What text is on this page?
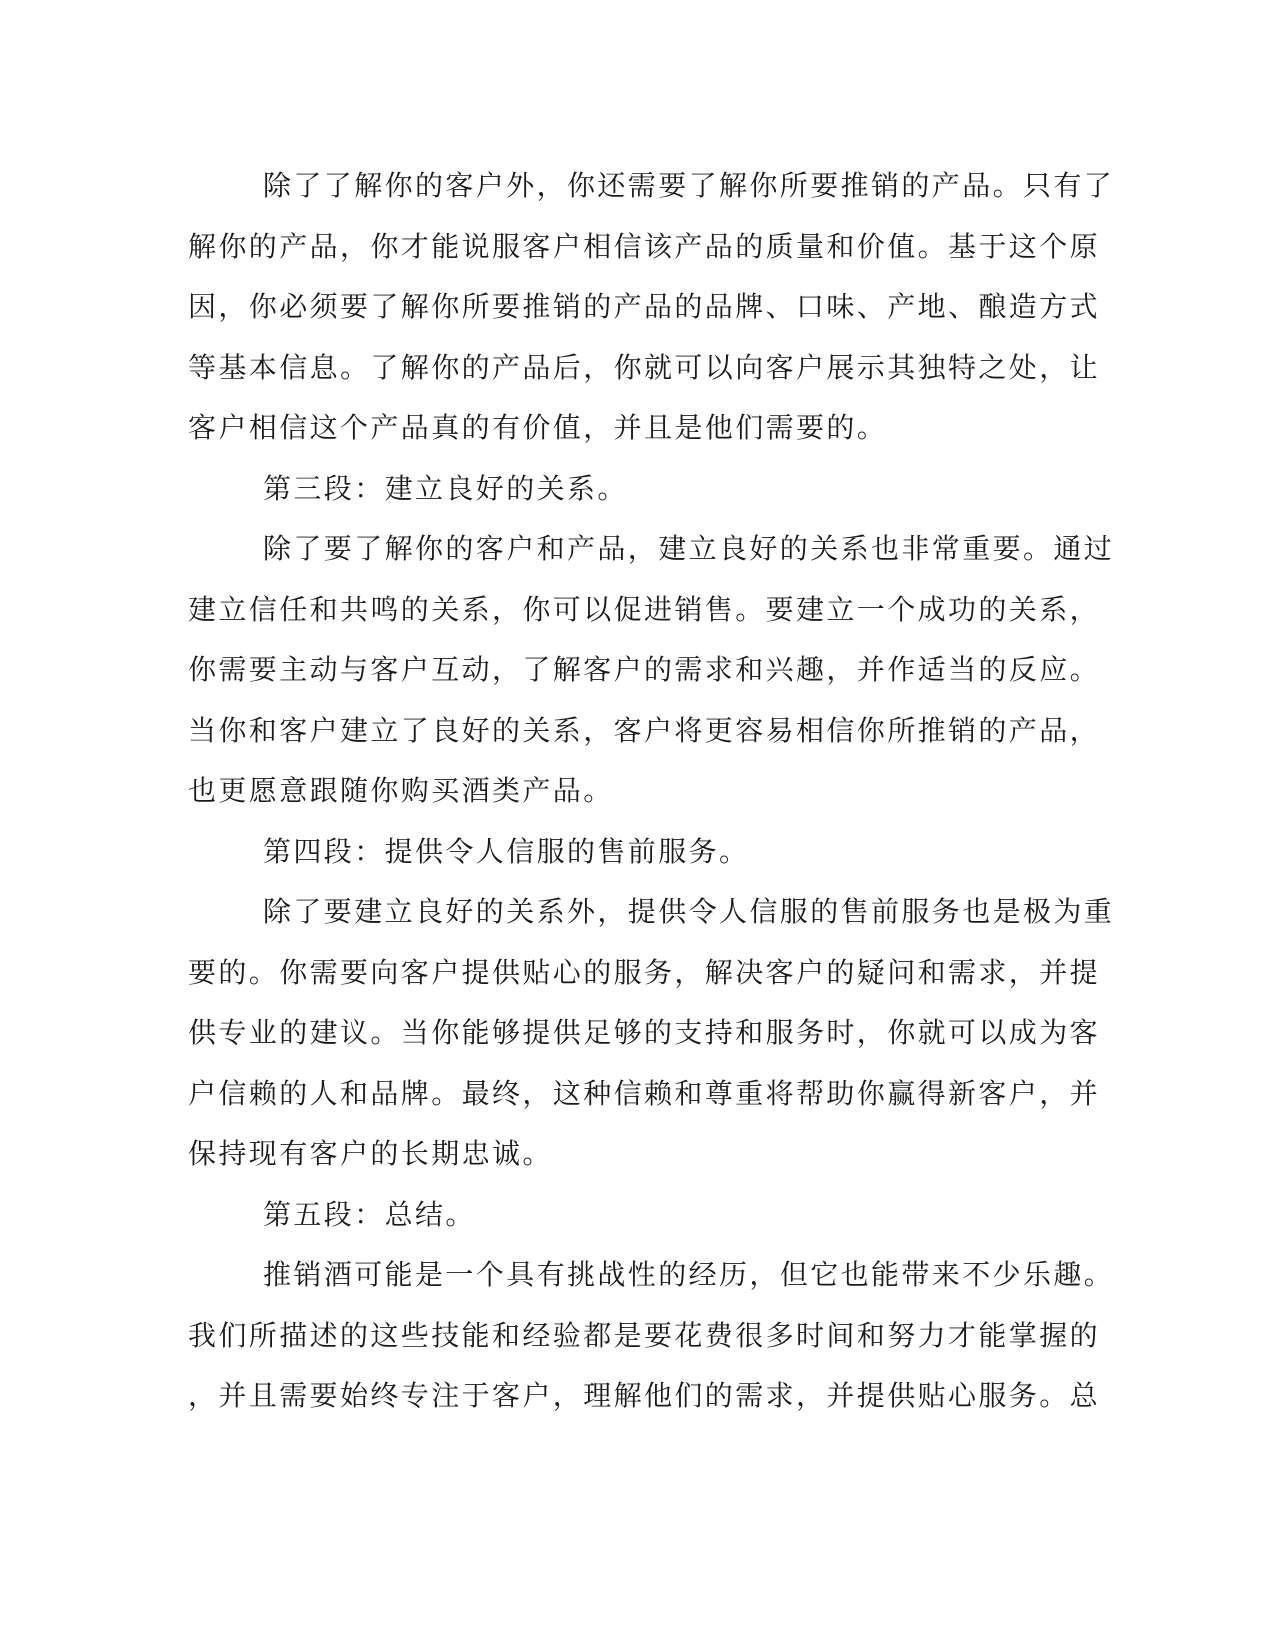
除了了解你的客户外，你还需要了解你所要推销的产品。只有了
解你的产品，你才能说服客户相信该产品的质量和价值。基于这个原
因，你必须要了解你所要推销的产品的品牌、口味、产地、酿造方式
等基本信息。了解你的产品后，你就可以向客户展示其独特之处，让
客户相信这个产品真的有价值，并且是他们需要的。
第三段：建立良好的关系。
除了要了解你的客户和产品，建立良好的关系也非常重要。通过
建立信任和共鸣的关系，你可以促进销售。要建立一个成功的关系，
你需要主动与客户互动，了解客户的需求和兴趣，并作适当的反应。
当你和客户建立了良好的关系，客户将更容易相信你所推销的产品，
也更愿意跟随你购买酒类产品。
第四段：提供令人信服的售前服务。
除了要建立良好的关系外，提供令人信服的售前服务也是极为重
要的。你需要向客户提供贴心的服务，解决客户的疑问和需求，并提
供专业的建议。当你能够提供足够的支持和服务时，你就可以成为客
户信赖的人和品牌。最终，这种信赖和尊重将帮助你赢得新客户，并
保持现有客户的长期忠诚。
第五段：总结。
推销酒可能是一个具有挑战性的经历，但它也能带来不少乐趣。
我们所描述的这些技能和经验都是要花费很多时间和努力才能掌握的
，并且需要始终专注于客户，理解他们的需求，并提供贴心服务。总
